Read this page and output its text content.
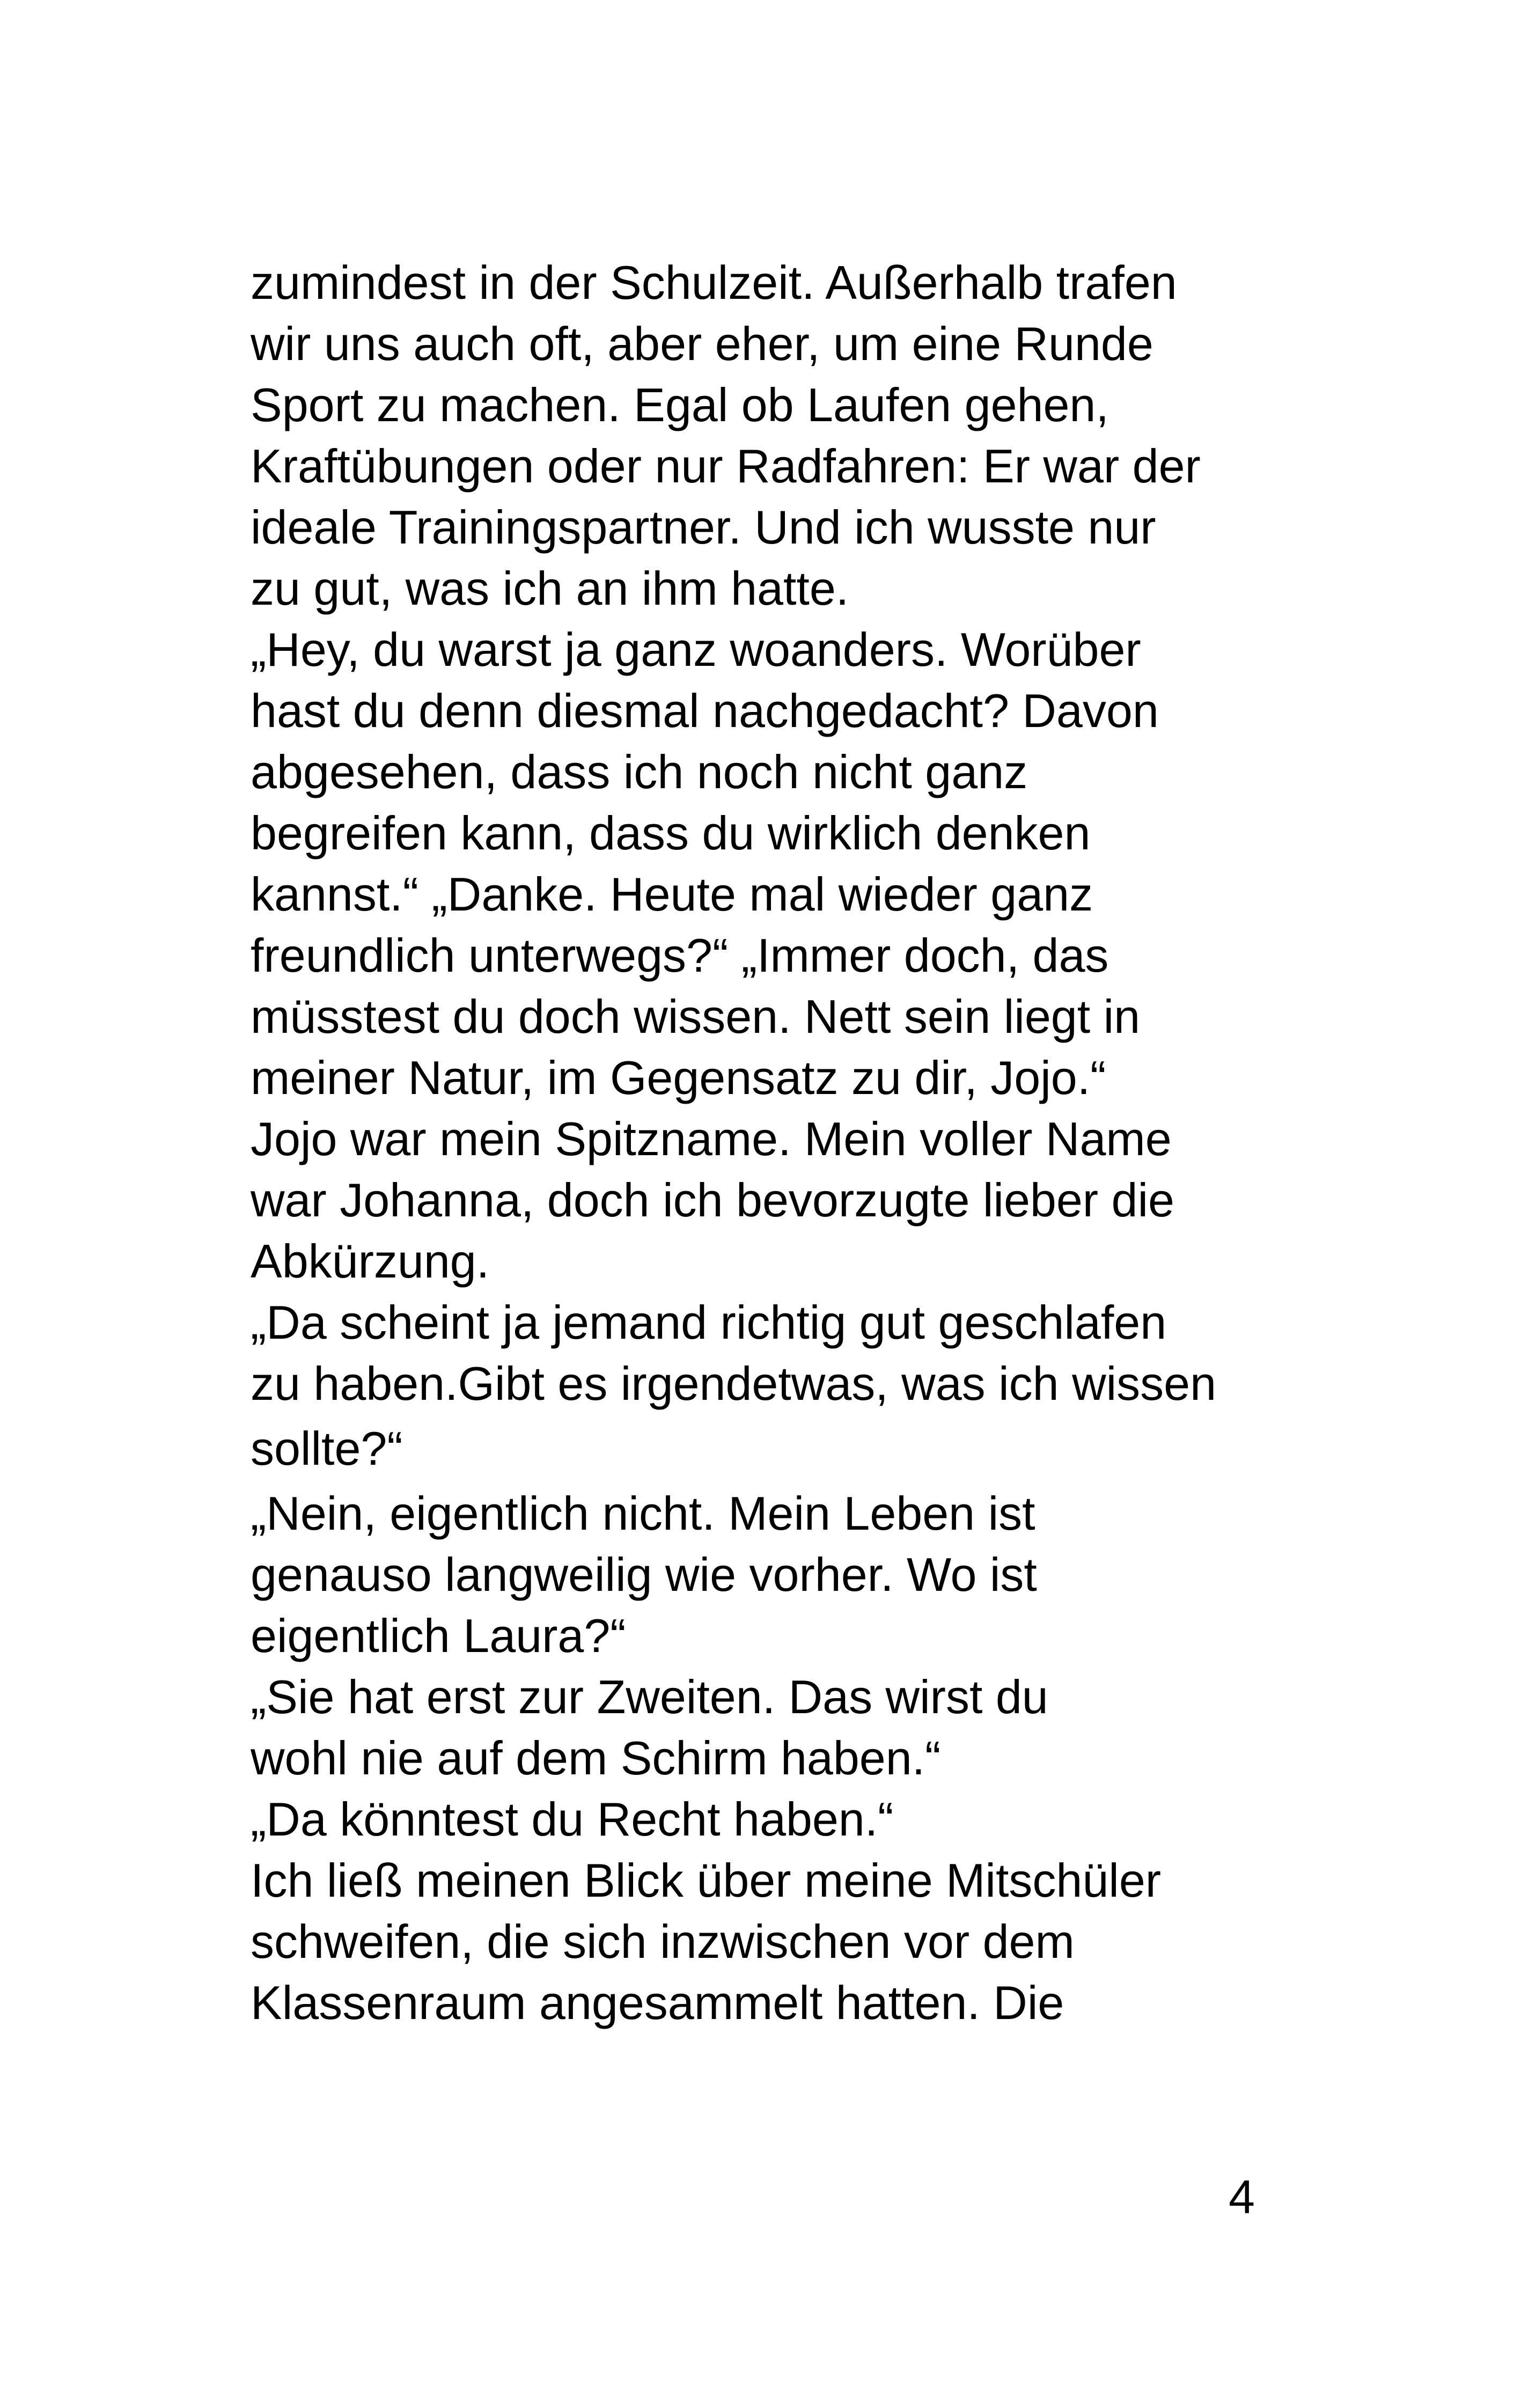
zumindest in der Schulzeit. Außerhalb trafen
wir uns auch oft, aber eher, um eine Runde
Sport zu machen. Egal ob Laufen gehen,
Kraftübungen oder nur Radfahren: Er war der
ideale Trainingspartner. Und ich wusste nur
zu gut, was ich an ihm hatte.
„Hey, du warst ja ganz woanders. Worüber
hast du denn diesmal nachgedacht? Davon
abgesehen, dass ich noch nicht ganz
begreifen kann, dass du wirklich denken
kannst.“ „Danke. Heute mal wieder ganz
freundlich unterwegs?“ „Immer doch, das
müsstest du doch wissen. Nett sein liegt in
meiner Natur, im Gegensatz zu dir, Jojo.“
Jojo war mein Spitzname. Mein voller Name
war Johanna, doch ich bevorzugte lieber die
Abkürzung.
„Da scheint ja jemand richtig gut geschlafen
zu haben.Gibt es irgendetwas, was ich wissen
sollte?“
„Nein, eigentlich nicht. Mein Leben ist
genauso langweilig wie vorher. Wo ist
eigentlich Laura?“
„Sie hat erst zur Zweiten. Das wirst du
wohl nie auf dem Schirm haben.“
„Da könntest du Recht haben.“
Ich ließ meinen Blick über meine Mitschüler
schweifen, die sich inzwischen vor dem
Klassenraum angesammelt hatten. Die
4
